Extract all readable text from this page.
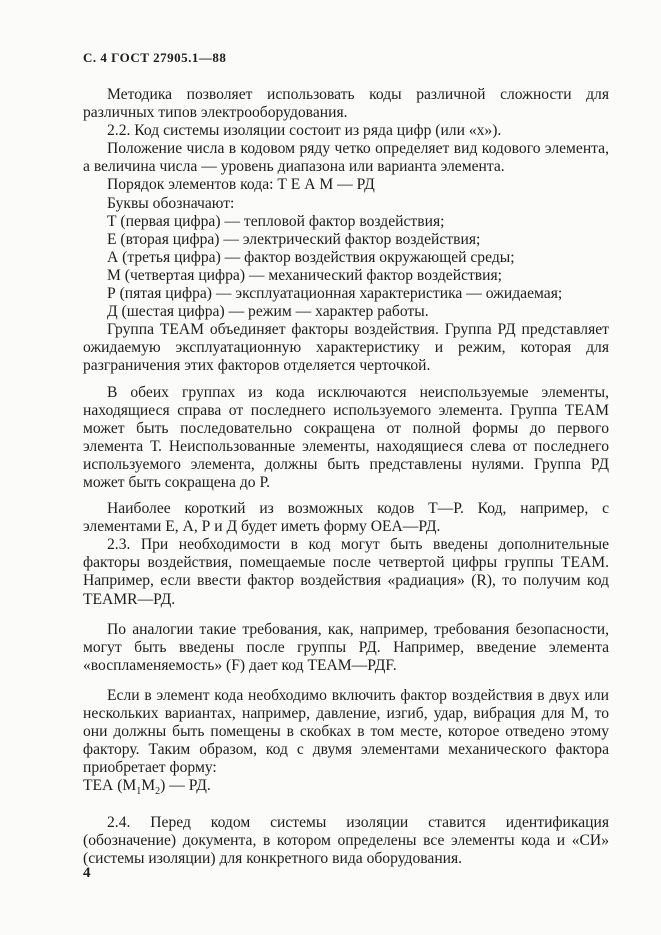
С. 4 ГОСТ 27905.1—88

Методика позволяет использовать коды различной сложности для различных типов электрооборудования.

2.2. Код системы изоляции состоит из ряда цифр (или «х»).

Положение числа в кодовом ряду четко определяет вид кодового элемента, а величина числа — уровень диапазона или варианта элемента.

Порядок элементов кода: Т Е А М — РД

Буквы обозначают:

Т (первая цифра) — тепловой фактор воздействия;

Е (вторая цифра) — электрический фактор воздействия;

А (третья цифра) — фактор воздействия окружающей среды;

М (четвертая цифра) — механический фактор воздействия;

Р (пятая цифра) — эксплуатационная характеристика — ожидаемая;

Д (шестая цифра) — режим — характер работы.

Группа ТЕАМ объединяет факторы воздействия. Группа РД представляет ожидаемую эксплуатационную характеристику и режим, которая для разграничения этих факторов отделяется черточкой.

В обеих группах из кода исключаются неиспользуемые элементы, находящиеся справа от последнего используемого элемента. Группа ТЕАМ может быть последовательно сокращена от полной формы до первого элемента Т. Неиспользованные элементы, находящиеся слева от последнего используемого элемента, должны быть представлены нулями. Группа РД может быть сокращена до Р.

Наиболее короткий из возможных кодов Т—Р. Код, например, с элементами Е, А, Р и Д будет иметь форму ОЕА—РД.

2.3. При необходимости в код могут быть введены дополнительные факторы воздействия, помещаемые после четвертой цифры группы ТЕАМ. Например, если ввести фактор воздействия «радиация» (R), то получим код ТЕАМR—РД.

По аналогии такие требования, как, например, требования безопасности, могут быть введены после группы РД. Например, введение элемента «воспламеняемость» (F) дает код ТЕАМ—РДF.

Если в элемент кода необходимо включить фактор воздействия в двух или нескольких вариантах, например, давление, изгиб, удар, вибрация для М, то они должны быть помещены в скобках в том месте, которое отведено этому фактору. Таким образом, код с двумя элементами механического фактора приобретает форму:

ТЕА $(М_1М_2)$ — РД.

2.4. Перед кодом системы изоляции ставится идентификация (обозначение) документа, в котором определены все элементы кода и «СИ» (системы изоляции) для конкретного вида оборудования.

4
